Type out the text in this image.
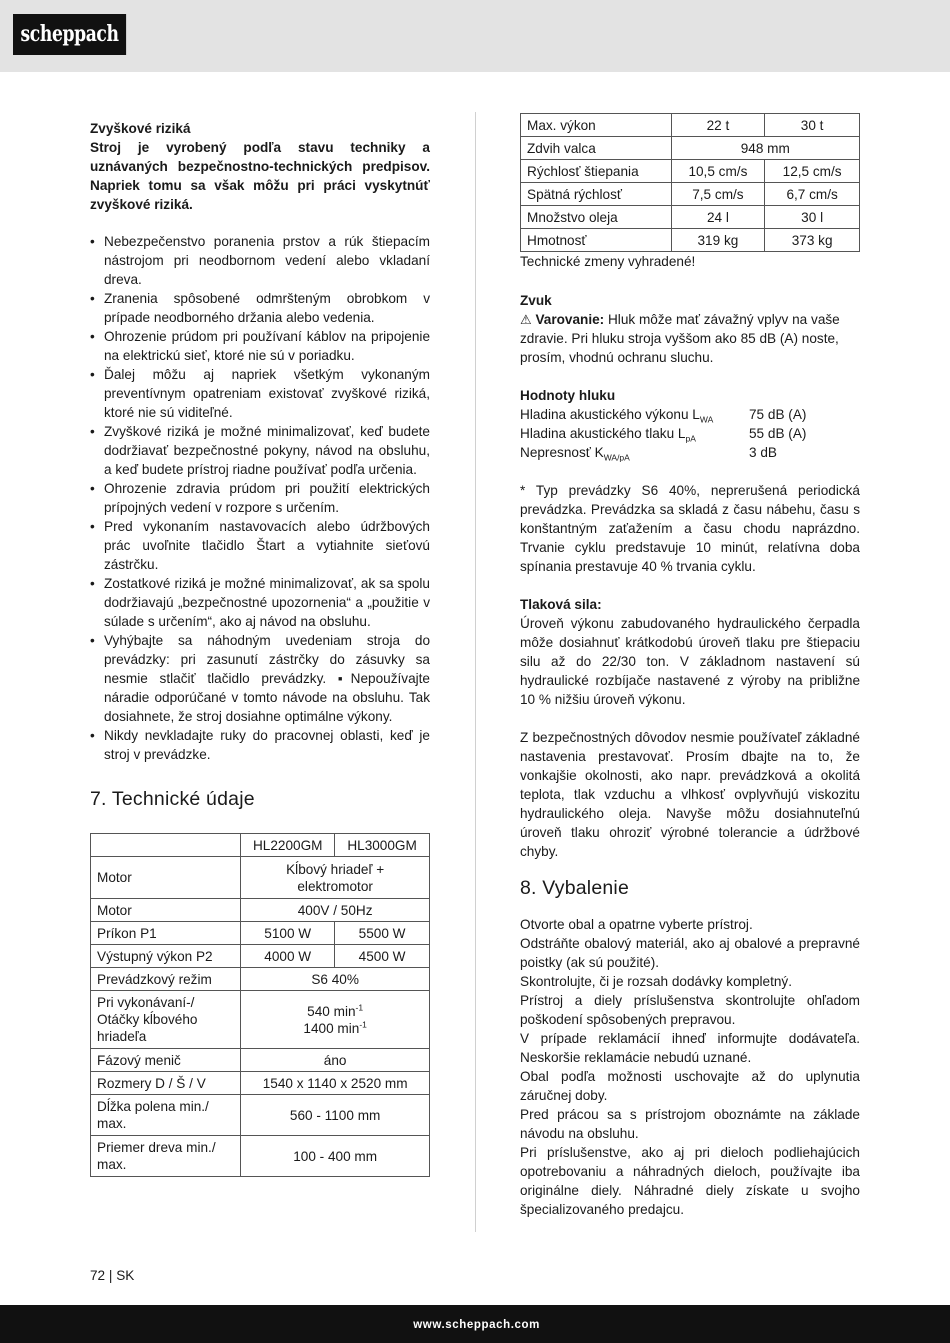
scheppach
Zvyškové riziká
Stroj je vyrobený podľa stavu techniky a uznávaných bezpečnostno-technických predpisov. Napriek tomu sa však môžu pri práci vyskytnúť zvyškové riziká.
• Nebezpečenstvo poranenia prstov a rúk štiepacím nástrojom pri neodbornom vedení alebo vkladaní dreva.
• Zranenia spôsobené odmršteným obrobkom v prípade neodborného držania alebo vedenia.
• Ohrozenie prúdom pri používaní káblov na pripojenie na elektrickú sieť, ktoré nie sú v poriadku.
• Ďalej môžu aj napriek všetkým vykonaným preventívnym opatreniam existovať zvyškové riziká, ktoré nie sú viditeľné.
• Zvyškové riziká je možné minimalizovať, keď budete dodržiavať bezpečnostné pokyny, návod na obsluhu, a keď budete prístroj riadne používať podľa určenia.
• Ohrozenie zdravia prúdom pri použití elektrických prípojných vedení v rozpore s určením.
• Pred vykonaním nastavovacích alebo údržbových prác uvoľnite tlačidlo Štart a vytiahnite sieťovú zástrčku.
• Zostatkové riziká je možné minimalizovať, ak sa spolu dodržiavajú „bezpečnostné upozornenia“ a „použitie v súlade s určením“, ako aj návod na obsluhu.
• Vyhýbajte sa náhodným uvedeniam stroja do prevádzky: pri zasunutí zástrčky do zásuvky sa nesmie stlačiť tlačidlo prevádzky. ▪Nepoužívajte náradie odporúčané v tomto návode na obsluhu. Tak dosiahnete, že stroj dosiahne optimálne výkony.
• Nikdy nevkladajte ruky do pracovnej oblasti, keď je stroj v prevádzke.
7. Technické údaje
	HL2200GM	HL3000GM
Motor	Kĺbový hriadeľ + elektromotor	
Motor	400V / 50Hz	
Príkon P1	5100 W	5500 W
Výstupný výkon P2	4000 W	4500 W
Prevádzkový režim	S6 40%	
Pri vykonávaní-/ Otáčky kĺbového hriadeľa	540 $\min^{-1}$
1400 $\min^{-1}$
Fázový menič	áno	
Rozmery D / Š / V	1540 x 1140 x 2520 mm	
Dĺžka polena min./ max.	560 - 1100 mm	
Priemer dreva min./ max.	100 - 400 mm	
Max. výkon	22 t	30 t
Zdvih valca	948 mm	
Rýchlosť štiepania	10,5 cm/s	12,5 cm/s
Spätná rýchlosť	7,5 cm/s	6,7 cm/s
Množstvo oleja	24 l	30 l
Hmotnosť	319 kg	373 kg
Technické zmeny vyhradené!
Zvuk
⚠ Varovanie: Hluk môže mať závažný vplyv na vaše zdravie. Pri hluku stroja vyššom ako 85 dB (A) noste, prosím, vhodnú ochranu sluchu.
Hodnoty hluku
Hladina akustického výkonu $L_{WA}$	75 dB (A)
Hladina akustického tlaku $L_{pA}$	55 dB (A)
Nepresnosť $K_{WA/pA}$	3 dB
* Typ prevádzky S6 40%, neprerušená periodická prevádzka. Prevádzka sa skladá z času nábehu, času s konštantným zaťažením a času chodu naprázdno. Trvanie cyklu predstavuje 10 minút, relatívna doba spínania prestavuje 40 % trvania cyklu.
Tlaková sila:
Úroveň výkonu zabudovaného hydraulického čerpadla môže dosiahnuť krátkodobú úroveň tlaku pre štiepaciu silu až do 22/30 ton. V základnom nastavení sú hydraulické rozbíjače nastavené z výroby na približne 10 % nižšiu úroveň výkonu.
Z bezpečnostných dôvodov nesmie používateľ základné nastavenia prestavovať. Prosím dbajte na to, že vonkajšie okolnosti, ako napr. prevádzková a okolitá teplota, tlak vzduchu a vlhkosť ovplyvňujú viskozitu hydraulického oleja. Navyše môžu dosiahnuteľnú úroveň tlaku ohroziť výrobné tolerancie a údržbové chyby.
8. Vybalenie
Otvorte obal a opatrne vyberte prístroj.
Odstráňte obalový materiál, ako aj obalové a prepravné poistky (ak sú použité).
Skontrolujte, či je rozsah dodávky kompletný.
Prístroj a diely príslušenstva skontrolujte ohľadom poškodení spôsobených prepravou.
V prípade reklamácií ihneď informujte dodávateľa. Neskoršie reklamácie nebudú uznané.
Obal podľa možnosti uschovajte až do uplynutia záručnej doby.
Pred prácou sa s prístrojom oboznámte na základe návodu na obsluhu.
Pri príslušenstve, ako aj pri dieloch podliehajúcich opotrebovaniu a náhradných dieloch, používajte iba originálne diely. Náhradné diely získate u svojho špecializovaného predajcu.
72 | SK
www.scheppach.com
